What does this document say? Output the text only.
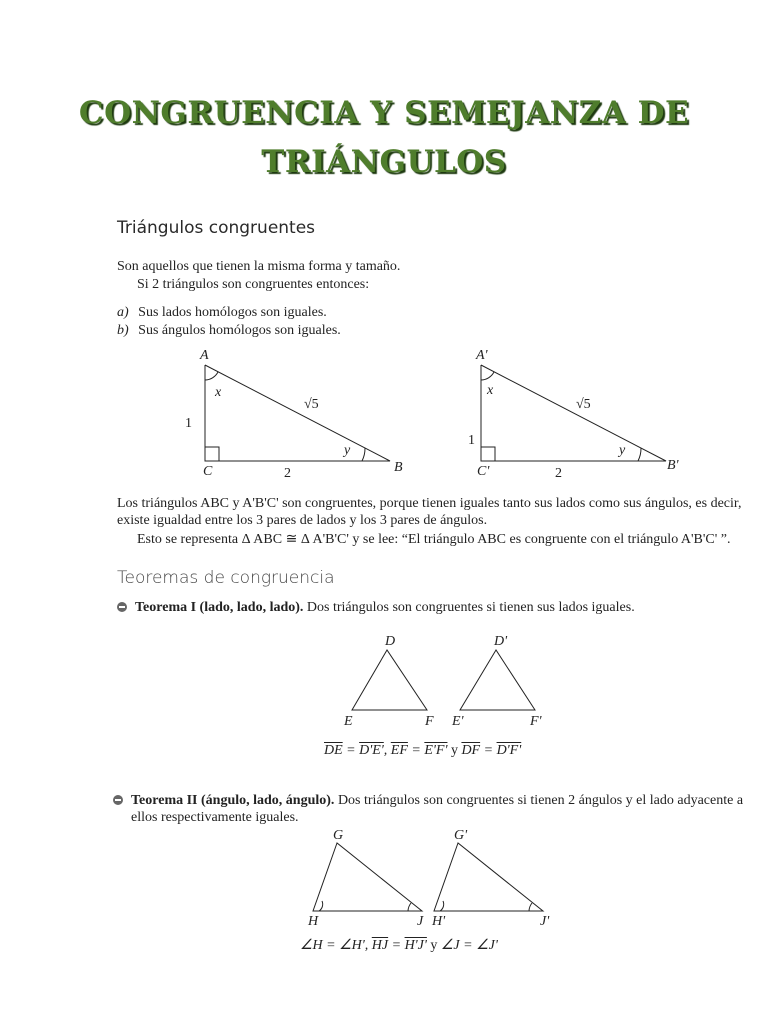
CONGRUENCIA Y SEMEJANZA DE
TRIÁNGULOS
Triángulos congruentes
Son aquellos que tienen la misma forma y tamaño.
Si 2 triángulos son congruentes entonces:
a) Sus lados homólogos son iguales.
b) Sus ángulos homólogos son iguales.
A
B
C
x
y
1
2
√5
A'
B'
C'
x
y
1
2
√5
Los triángulos ABC y A'B'C' son congruentes, porque tienen iguales tanto sus lados como sus ángulos, es decir, existe igualdad entre los 3 pares de lados y los 3 pares de ángulos.
Esto se representa Δ ABC ≅ Δ A'B'C' y se lee: “El triángulo ABC es congruente con el triángulo A'B'C' ”.
Teoremas de congruencia
Teorema I (lado, lado, lado). Dos triángulos son congruentes si tienen sus lados iguales.
D
E	F
D'
E'	F'
$\overline{DE} = D'E'$, $\overline{EF} = E'F'$ y $\overline{DF} = D'F'$
Teorema II (ángulo, lado, ángulo). Dos triángulos son congruentes si tienen 2 ángulos y el lado adyacente a ellos respectivamente iguales.
G
H	J
G'
H'	J'
∠H = ∠H', $\overline{HJ} = H'J'$ y ∠J = ∠J'
